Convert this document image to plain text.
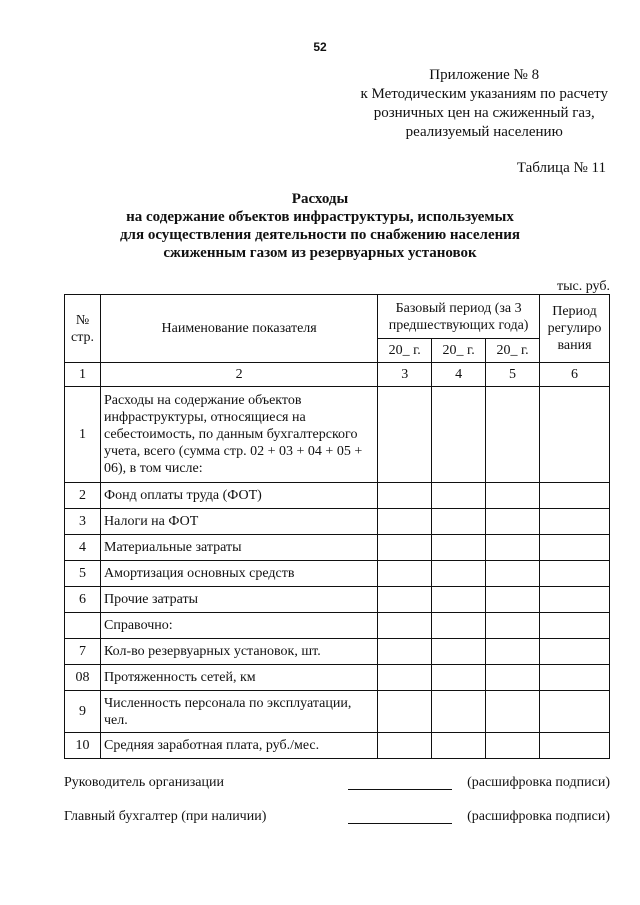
52
Приложение № 8
к Методическим указаниям по расчету
розничных цен на сжиженный газ,
реализуемый населению
Таблица № 11
Расходы
на содержание объектов инфраструктуры, используемых
для осуществления деятельности по снабжению населения
сжиженным газом из резервуарных установок
тыс. руб.
№ стр.	Наименование показателя	Базовый период (за 3 предшествующих года)			Период регулиро вания
		20_ г.	20_ г.	20_ г.	
1	2	3	4	5	6
1	Расходы на содержание объектов инфраструктуры, относящиеся на себестоимость, по данным бухгалтерского учета, всего (сумма стр. 02 + 03 + 04 + 05 + 06), в том числе:				
2	Фонд оплаты труда (ФОТ)				
3	Налоги на ФОТ				
4	Материальные затраты				
5	Амортизация основных средств				
6	Прочие затраты				
	Справочно:				
7	Кол-во резервуарных установок, шт.				
08	Протяженность сетей, км				
9	Численность персонала по эксплуатации, чел.				
10	Средняя заработная плата, руб./мес.				
Руководитель организации	(расшифровка подписи)
Главный бухгалтер (при наличии)	(расшифровка подписи)
